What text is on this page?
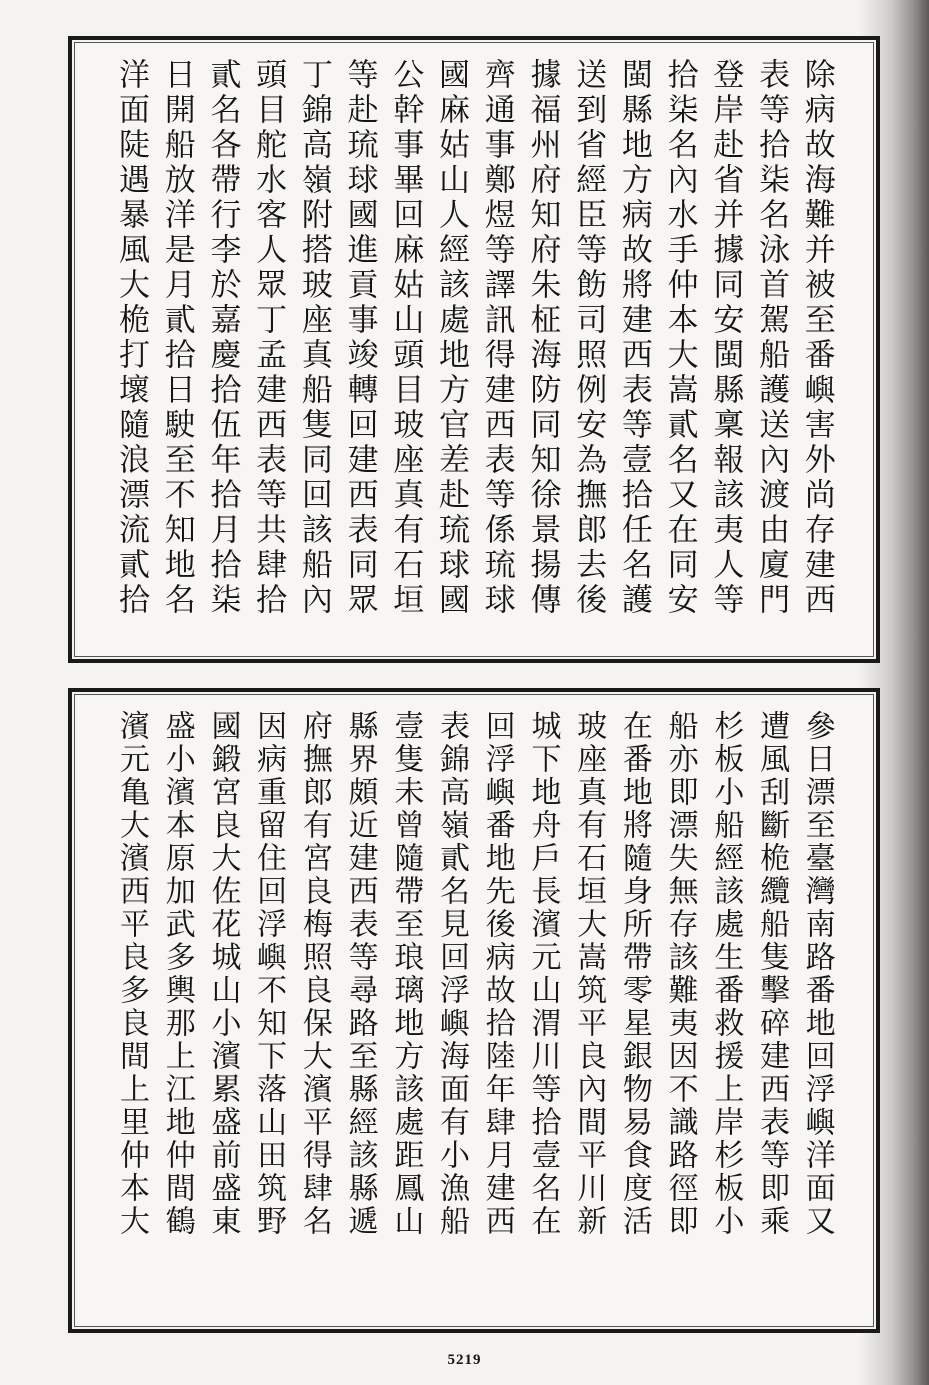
除病故海難并被至番嶼害外尚存建西
表等拾柒名泳首駕船護送內渡由廈門
登岸赴省并據同安閩縣稟報該夷人等
拾柒名內水手仲本大嵩貳名又在同安
閩縣地方病故將建西表等壹拾任名護
送到省經臣等飭司照例安為撫郎去後
據福州府知府朱柾海防同知徐景揚傳
齊通事鄭煜等譯訊得建西表等係琉球
國麻姑山人經該處地方官差赴琉球國
公幹事畢回麻姑山頭目玻座真有石垣
等赴琉球國進貢事竣轉回建西表同眾
丁錦高嶺附搭玻座真船隻同回該船內
頭目舵水客人眾丁孟建西表等共肆拾
貳名各帶行李於嘉慶拾伍年拾月拾柒
日開船放洋是月貳拾日駛至不知地名
洋面陡遇暴風大桅打壞隨浪漂流貳拾
參日漂至臺灣南路番地回浮嶼洋面又
遭風刮斷桅纜船隻擊碎建西表等即乘
杉板小船經該處生番救援上岸杉板小
船亦即漂失無存該難夷因不識路徑即
在番地將隨身所帶零星銀物易食度活
玻座真有石垣大嵩筑平良內間平川新
城下地舟戶長濱元山渭川等拾壹名在
回浮嶼番地先後病故拾陸年肆月建西
表錦高嶺貳名見回浮嶼海面有小漁船
壹隻未曾隨帶至琅璃地方該處距鳳山
縣界頗近建西表等尋路至縣經該縣遞
府撫郎有宮良梅照良保大濱平得肆名
因病重留住回浮嶼不知下落山田筑野
國鍛宮良大佐花城山小濱累盛前盛東
盛小濱本原加武多輿那上江地仲間鶴
濱元亀大濱西平良多良間上里仲本大
5219
